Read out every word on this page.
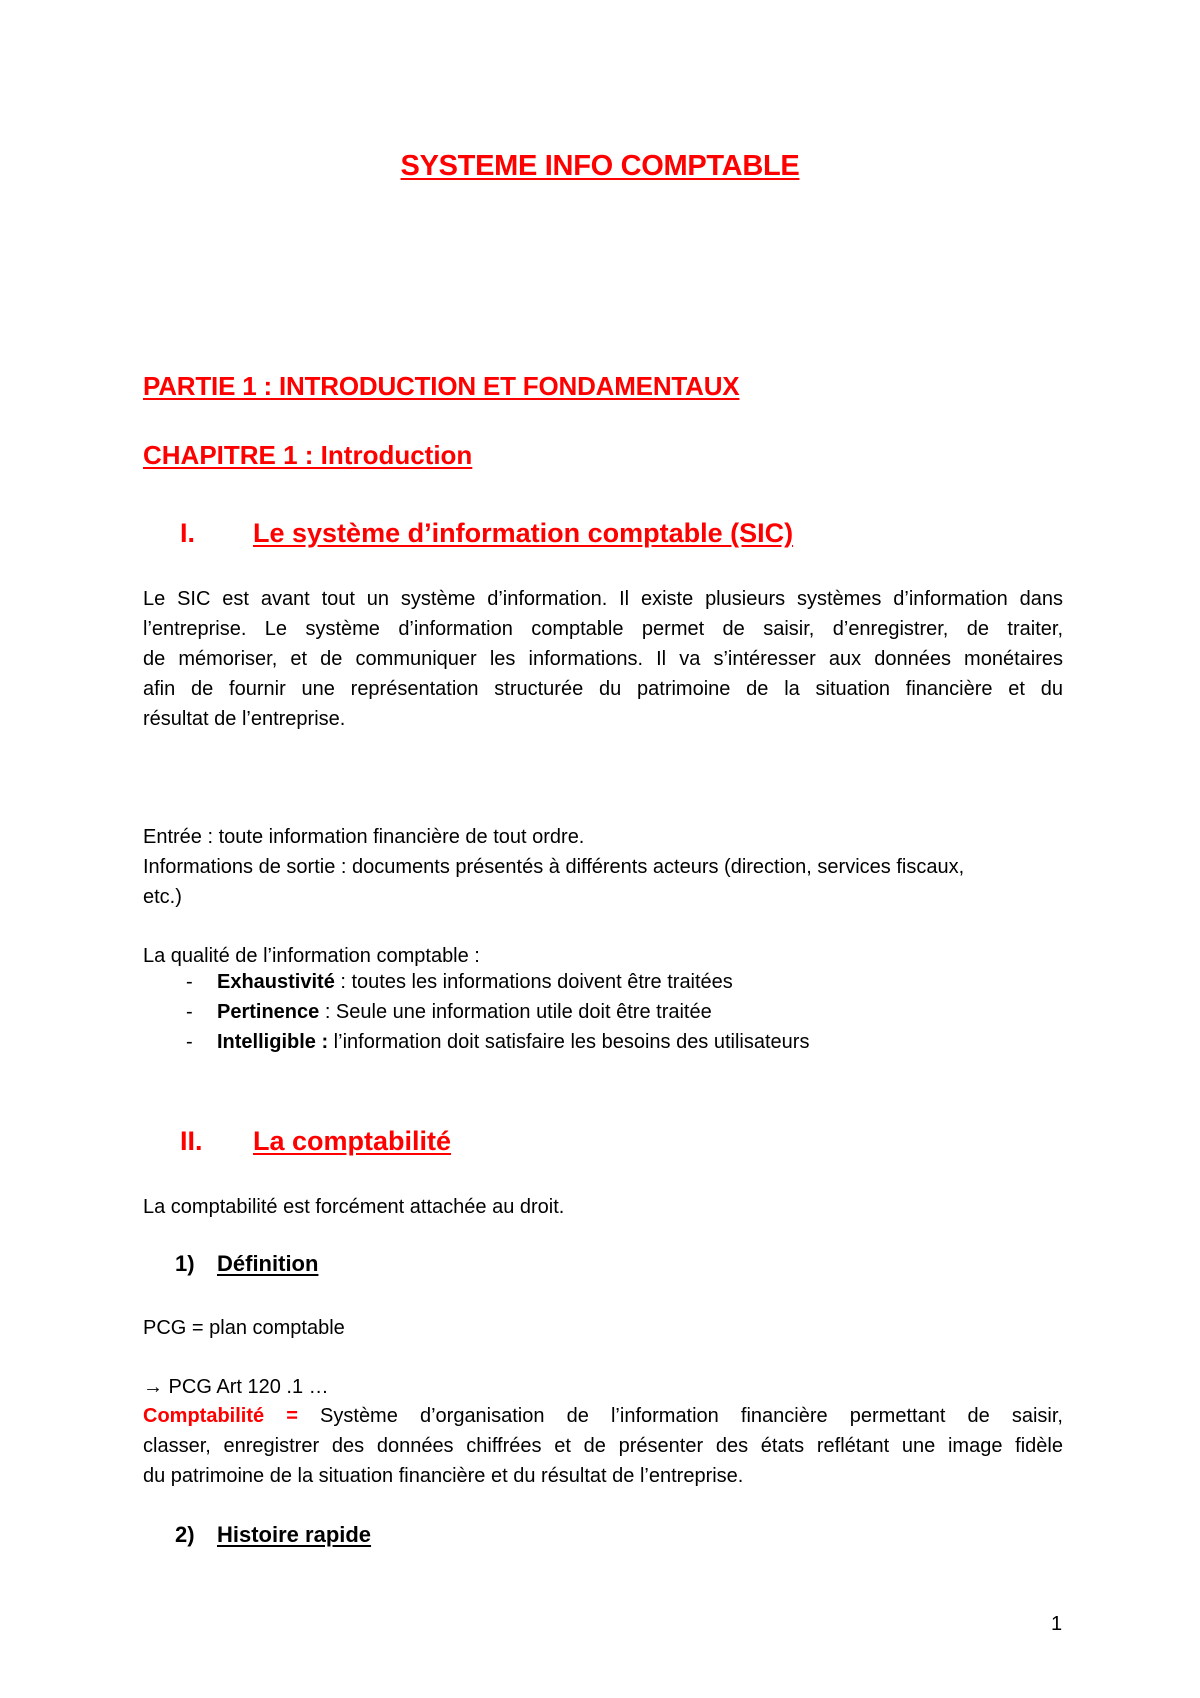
SYSTEME INFO COMPTABLE
PARTIE 1 : INTRODUCTION ET FONDAMENTAUX
CHAPITRE 1 : Introduction
I. Le système d’information comptable (SIC)
Le SIC est avant tout un système d’information. Il existe plusieurs systèmes d’information dans
l’entreprise. Le système d’information comptable permet de saisir, d’enregistrer, de traiter,
de mémoriser, et de communiquer les informations. Il va s’intéresser aux données monétaires
afin de fournir une représentation structurée du patrimoine de la situation financière et du
résultat de l’entreprise.
Entrée : toute information financière de tout ordre.
Informations de sortie : documents présentés à différents acteurs (direction, services fiscaux,
etc.)
La qualité de l’information comptable :
- Exhaustivité : toutes les informations doivent être traitées
- Pertinence : Seule une information utile doit être traitée
- Intelligible : l’information doit satisfaire les besoins des utilisateurs
II. La comptabilité
La comptabilité est forcément attachée au droit.
1) Définition
PCG = plan comptable
→ PCG Art 120 .1 …
Comptabilité = Système d’organisation de l’information financière permettant de saisir,
classer, enregistrer des données chiffrées et de présenter des états reflétant une image fidèle
du patrimoine de la situation financière et du résultat de l’entreprise.
2) Histoire rapide
1
